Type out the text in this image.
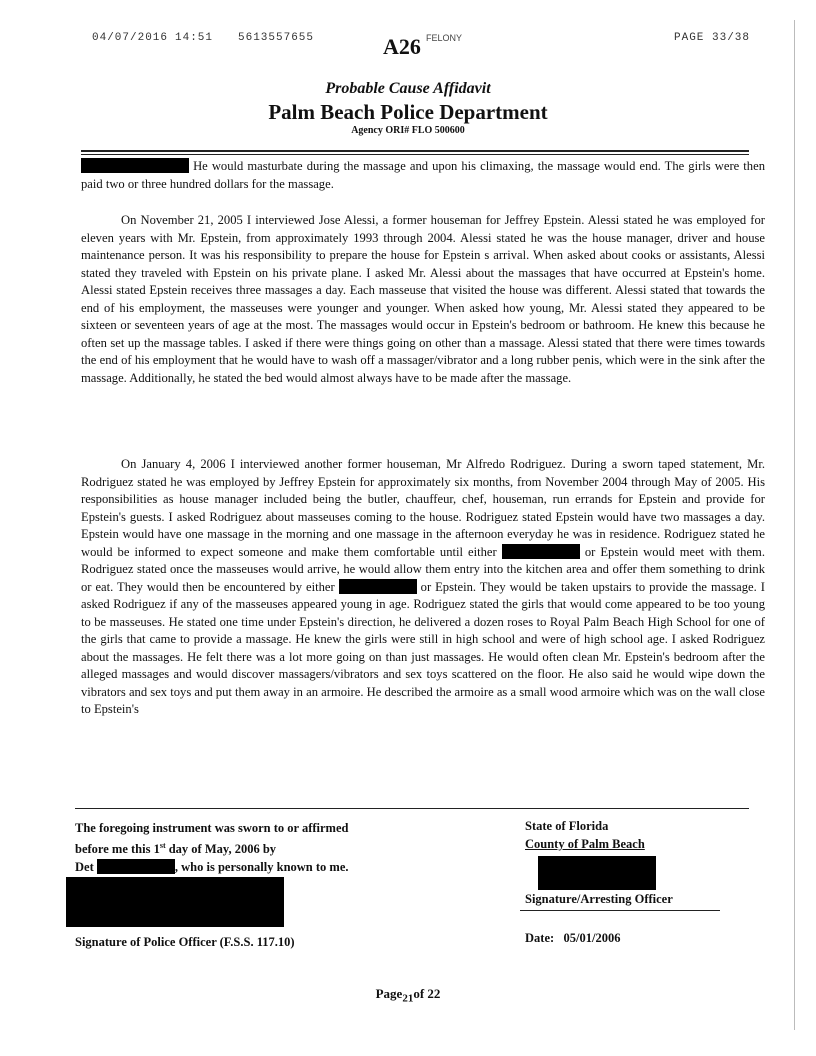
04/07/2016 14:51 5613557655	A26 FELONY	PAGE 33/38
Probable Cause Affidavit
Palm Beach Police Department
Agency ORI# FLO 500600

He would masturbate during the massage and upon his climaxing, the massage would end. The girls were then paid two or three hundred dollars for the massage.

On November 21, 2005 I interviewed Jose Alessi, a former houseman for Jeffrey Epstein. Alessi stated he was employed for eleven years with Mr. Epstein, from approximately 1993 through 2004. Alessi stated he was the house manager, driver and house maintenance person. It was his responsibility to prepare the house for Epstein s arrival. When asked about cooks or assistants, Alessi stated they traveled with Epstein on his private plane. I asked Mr. Alessi about the massages that have occurred at Epstein's home. Alessi stated Epstein receives three massages a day. Each masseuse that visited the house was different. Alessi stated that towards the end of his employment, the masseuses were younger and younger. When asked how young, Mr. Alessi stated they appeared to be sixteen or seventeen years of age at the most. The massages would occur in Epstein's bedroom or bathroom. He knew this because he often set up the massage tables. I asked if there were things going on other than a massage. Alessi stated that there were times towards the end of his employment that he would have to wash off a massager/vibrator and a long rubber penis, which were in the sink after the massage. Additionally, he stated the bed would almost always have to be made after the massage.

On January 4, 2006 I interviewed another former houseman, Mr Alfredo Rodriguez. During a sworn taped statement, Mr. Rodriguez stated he was employed by Jeffrey Epstein for approximately six months, from November 2004 through May of 2005. His responsibilities as house manager included being the butler, chauffeur, chef, houseman, run errands for Epstein and provide for Epstein's guests. I asked Rodriguez about masseuses coming to the house. Rodriguez stated Epstein would have two massages a day. Epstein would have one massage in the morning and one massage in the afternoon everyday he was in residence. Rodriguez stated he would be informed to expect someone and make them comfortable until either	or Epstein would meet with them. Rodriguez stated once the masseuses would arrive, he would allow them entry into the kitchen area and offer them something to drink or eat. They would then be encountered by either	or Epstein. They would be taken upstairs to provide the massage. I asked Rodriguez if any of the masseuses appeared young in age. Rodriguez stated the girls that would come appeared to be too young to be masseuses. He stated one time under Epstein's direction, he delivered a dozen roses to Royal Palm Beach High School for one of the girls that came to provide a massage. He knew the girls were still in high school and were of high school age. I asked Rodriguez about the massages. He felt there was a lot more going on than just massages. He would often clean Mr. Epstein's bedroom after the alleged massages and would discover massagers/vibrators and sex toys scattered on the floor. He also said he would wipe down the vibrators and sex toys and put them away in an armoire. He described the armoire as a small wood armoire which was on the wall close to Epstein's

The foregoing instrument was sworn to or affirmed
before me this 1st day of May, 2006 by
Det	, who is personally known to me.
Signature of Police Officer (F.S.S. 117.10)
State of Florida
County of Palm Beach
Signature/Arresting Officer
Date: 05/01/2006
Page$_{21}$of 22
